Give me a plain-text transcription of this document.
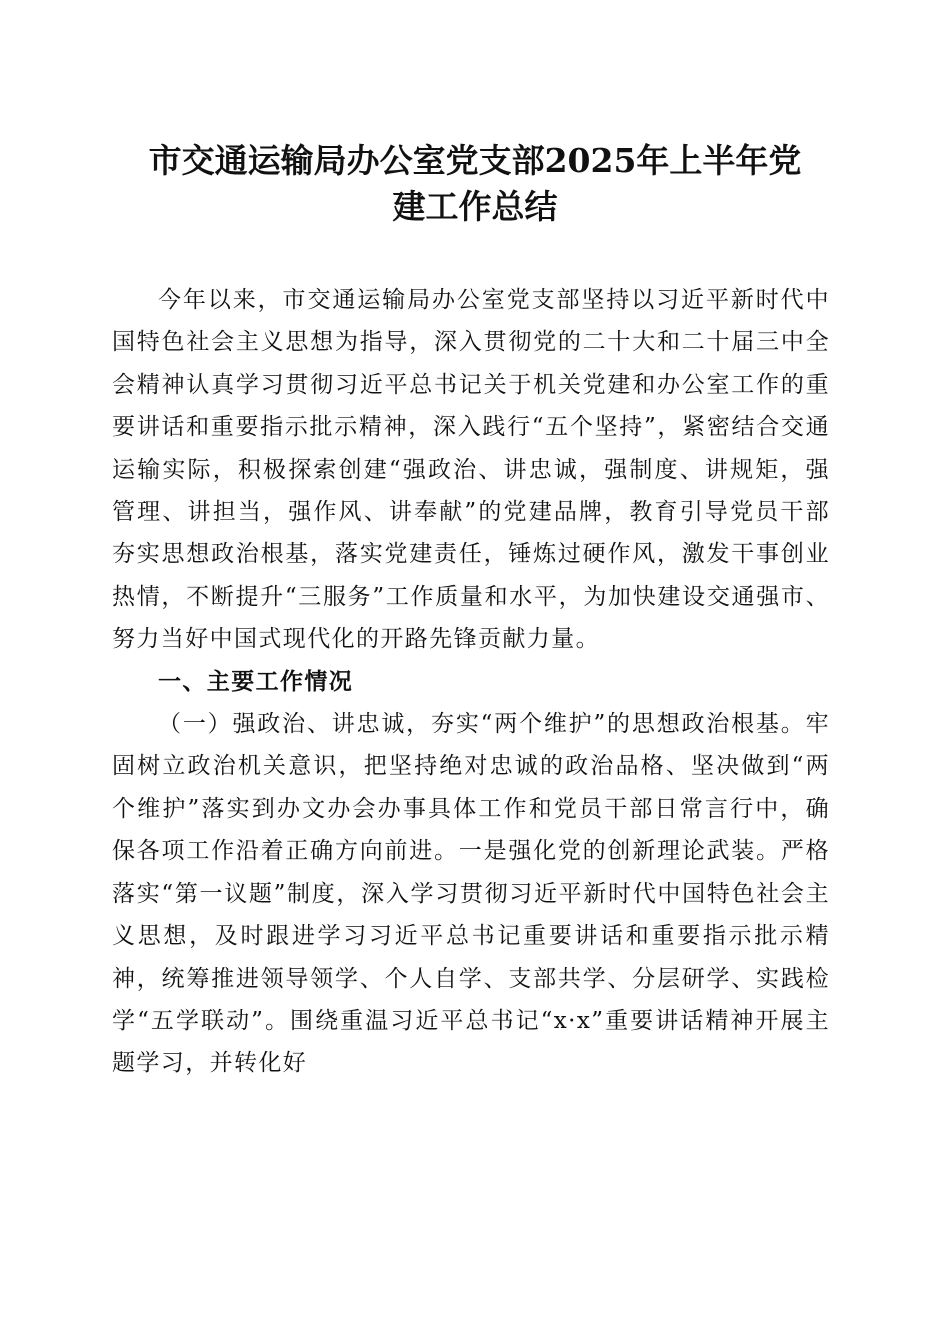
市交通运输局办公室党支部2025年上半年党
建工作总结

今年以来，市交通运输局办公室党支部坚持以习近平新时代中国特色社会主义思想为指导，深入贯彻党的二十大和二十届三中全会精神认真学习贯彻习近平总书记关于机关党建和办公室工作的重要讲话和重要指示批示精神，深入践行“五个坚持”，紧密结合交通运输实际，积极探索创建“强政治、讲忠诚，强制度、讲规矩，强管理、讲担当，强作风、讲奉献”的党建品牌，教育引导党员干部夯实思想政治根基，落实党建责任，锤炼过硬作风，激发干事创业热情，不断提升“三服务”工作质量和水平，为加快建设交通强市、努力当好中国式现代化的开路先锋贡献力量。

一、主要工作情况

（一）强政治、讲忠诚，夯实“两个维护”的思想政治根基。牢固树立政治机关意识，把坚持绝对忠诚的政治品格、坚决做到“两个维护”落实到办文办会办事具体工作和党员干部日常言行中，确保各项工作沿着正确方向前进。一是强化党的创新理论武装。严格落实“第一议题”制度，深入学习贯彻习近平新时代中国特色社会主义思想，及时跟进学习习近平总书记重要讲话和重要指示批示精神，统筹推进领导领学、个人自学、支部共学、分层研学、实践检学“五学联动”。围绕重温习近平总书记“x·x”重要讲话精神开展主题学习，并转化好
